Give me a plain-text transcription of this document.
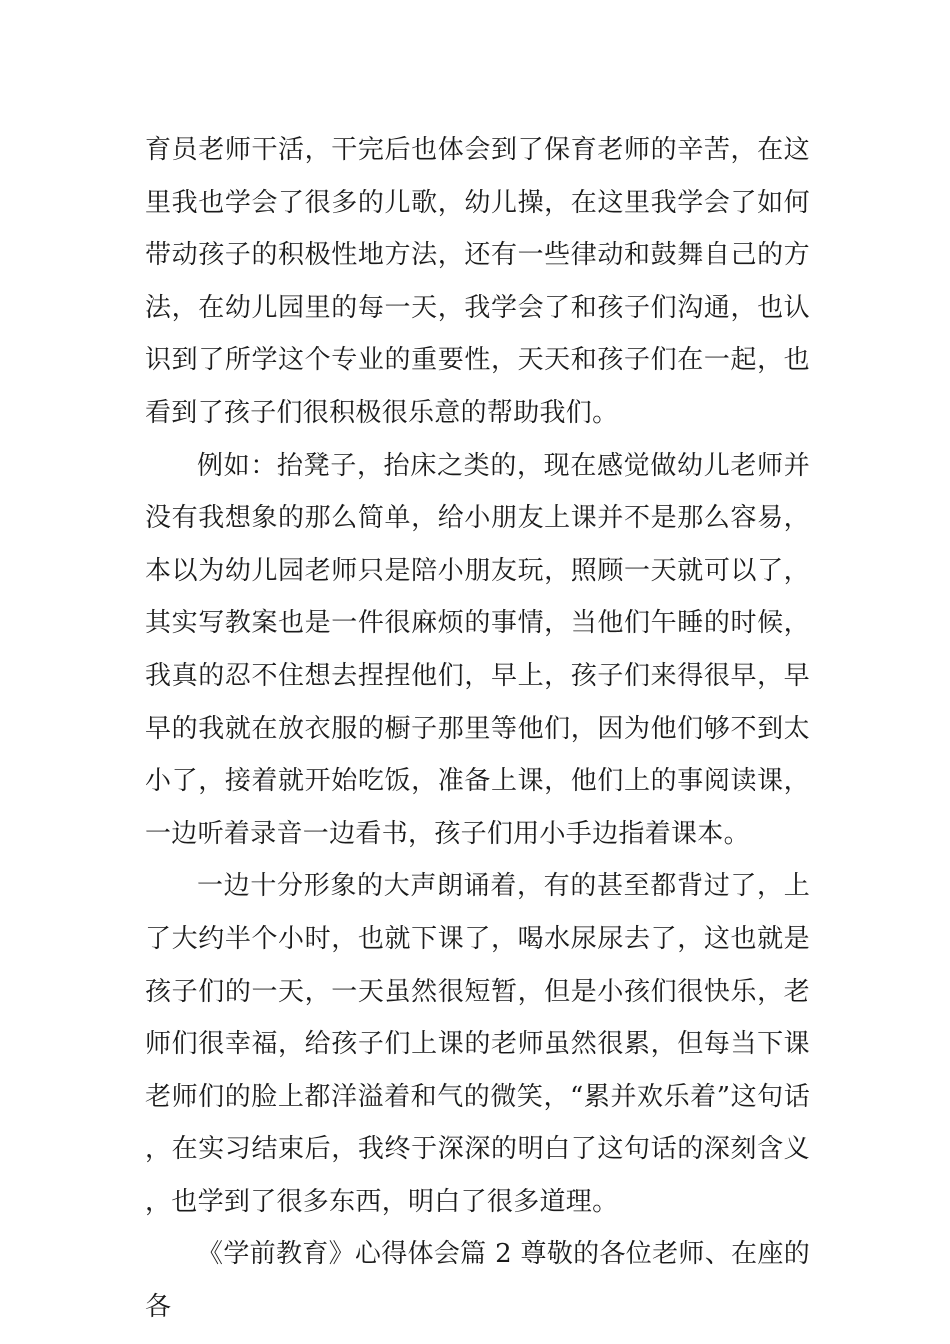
育员老师干活，干完后也体会到了保育老师的辛苦，在这里我也学会了很多的儿歌，幼儿操，在这里我学会了如何带动孩子的积极性地方法，还有一些律动和鼓舞自己的方法，在幼儿园里的每一天，我学会了和孩子们沟通，也认识到了所学这个专业的重要性，天天和孩子们在一起，也看到了孩子们很积极很乐意的帮助我们。

例如：抬凳子，抬床之类的，现在感觉做幼儿老师并没有我想象的那么简单，给小朋友上课并不是那么容易，本以为幼儿园老师只是陪小朋友玩，照顾一天就可以了，其实写教案也是一件很麻烦的事情，当他们午睡的时候，我真的忍不住想去捏捏他们，早上，孩子们来得很早，早早的我就在放衣服的橱子那里等他们，因为他们够不到太小了，接着就开始吃饭，准备上课，他们上的事阅读课，一边听着录音一边看书，孩子们用小手边指着课本。

一边十分形象的大声朗诵着，有的甚至都背过了，上了大约半个小时，也就下课了，喝水尿尿去了，这也就是孩子们的一天，一天虽然很短暂，但是小孩们很快乐，老师们很幸福，给孩子们上课的老师虽然很累，但每当下课老师们的脸上都洋溢着和气的微笑，“累并欢乐着”这句话，在实习结束后，我终于深深的明白了这句话的深刻含义，也学到了很多东西，明白了很多道理。

《学前教育》心得体会篇 2 尊敬的各位老师、在座的各
